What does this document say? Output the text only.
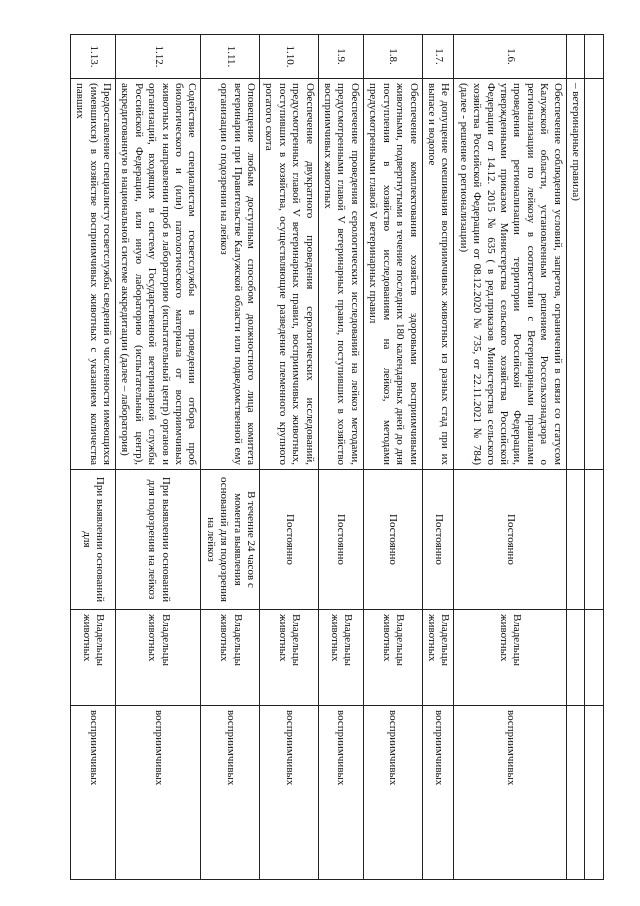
	– ветеринарные правила)			
1.6.	Обеспечение соблюдения условий, запретов, ограничений в связи со статусом Калужской области, установленным решением Россельхознадзора о регионализации по лейкозу в соответствии с Ветеринарными правилами проведения регионализации территории Российской Федерации, утвержденными приказом Министерства сельского хозяйства Российской Федерации от 14.12. 2015 № 635 ( в ред.приказов Министерства сельского хозяйства Российской Федерации от 08.12.2020 № 735, от 22.11.2021 № 784) (далее - решение о регионализации)	Постоянно	Владельцы животных	восприимчивых
1.7.	Не допущение смешивания восприимчивых животных из разных стад при их выпасе и водопое	Постоянно	Владельцы животных	восприимчивых
1.8.	Обеспечение комплектования хозяйств здоровыми восприимчивыми животными, подвергнутыми в течение последних 180 календарных дней до дня поступления в хозяйство исследованиям на лейкоз, методами предусмотренными главой V ветеринарных правил	Постоянно	Владельцы животных	восприимчивых
1.9.	Обеспечение проведения серологических исследований на лейкоз методами, предусмотренными главой V ветеринарных правил, поступивших в хозяйство восприимчивых животных	Постоянно	Владельцы животных	восприимчивых
1.10.	Обеспечение двукратного проведения серологических исследований, предусмотренных главой V ветеринарных правил, восприимчивых животных, поступивших в хозяйства, осуществляющие разведение племенного крупного рогатого скота	Постоянно	Владельцы животных	восприимчивых
1.11.	Оповещение любым доступным способом должностного лица комитета ветеринарии при Правительстве Калужской области или подведомственной ему организации о подозрении на лейкоз	В течение 24 часов с момента выявления оснований для подозрения на лейкоз	Владельцы животных	восприимчивых
1.12.	Содействие специалистам госветслужбы в проведении отбора проб биологического и (или) патологического материала от восприимчивых животных и направлении проб в лабораторию (испытательный центр) органов и организаций, входящих в систему Государственной ветеринарной службы Российской Федерации, или иную лабораторию (испытательный центр), аккредитованную в национальной системе аккредитации (далее – лаборатория)	При выявлении оснований для подозрения на лейкоз	Владельцы животных	восприимчивых
1.13.	Предоставление специалисту госветслужбы сведений о численности имеющихся (имевшихся) в хозяйстве восприимчивых животных с указанием количества павших	При выявлении оснований для	Владельцы животных	восприимчивых
